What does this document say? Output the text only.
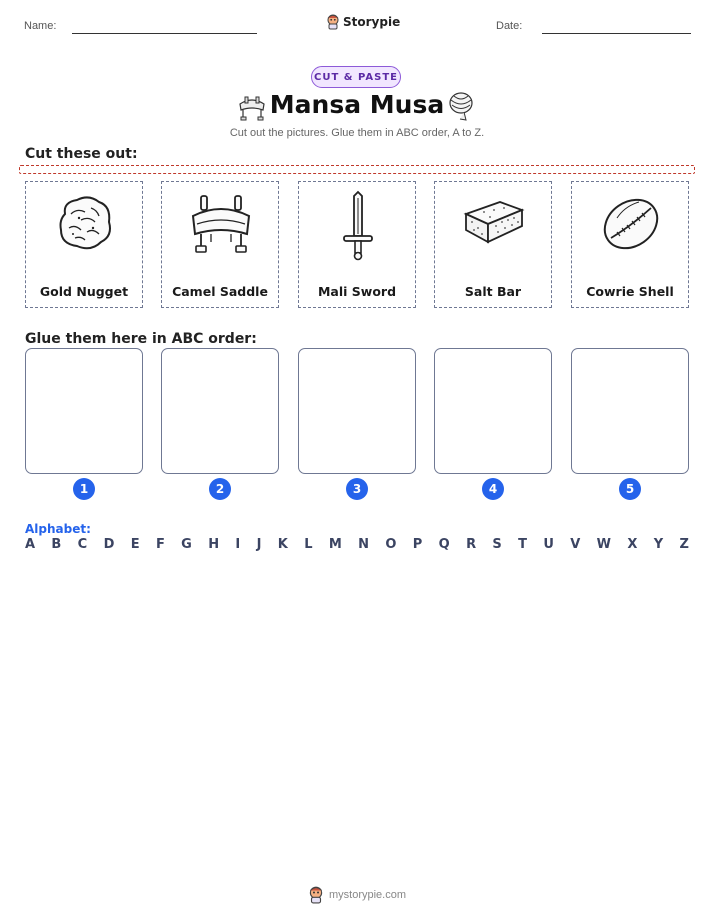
Name:	Storypie	Date:
CUT & PASTE
Mansa Musa
Cut out the pictures. Glue them in ABC order, A to Z.
Cut these out:
Gold Nugget	Camel Saddle	Mali Sword	Salt Bar	Cowrie Shell
Glue them here in ABC order:
1	2	3	4	5
Alphabet:
A B C D E F G H I J K L M N O P Q R S T U V W X Y Z
mystorypie.com
